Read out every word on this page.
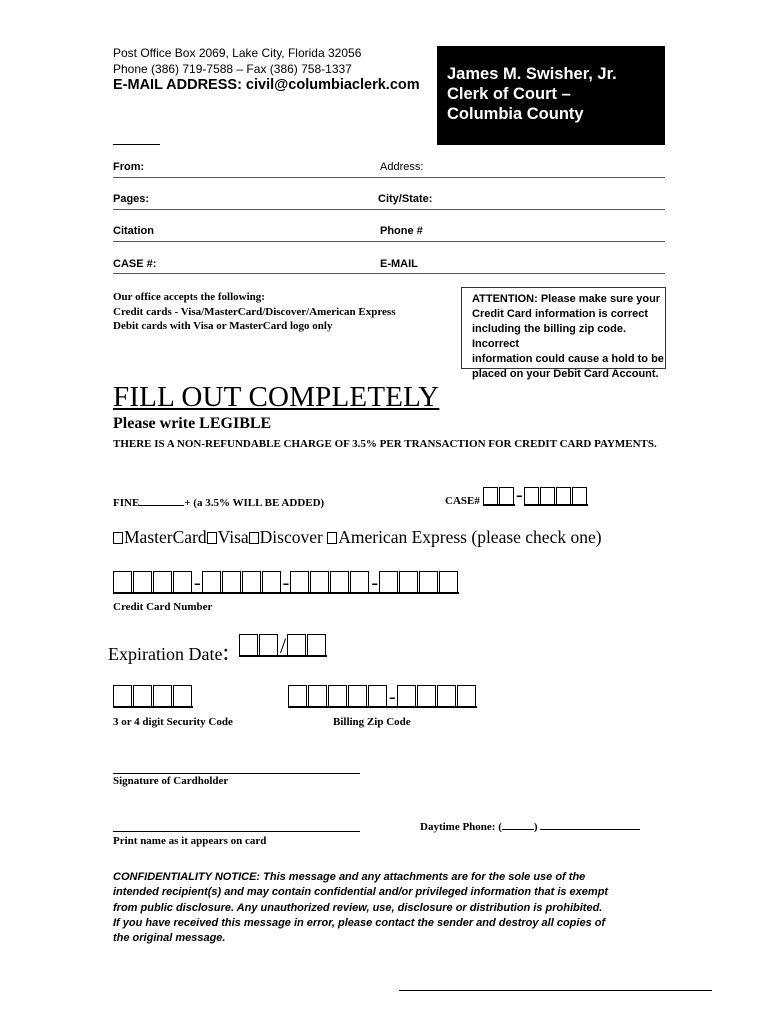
Post Office Box 2069, Lake City, Florida 32056
Phone (386) 719-7588 – Fax (386) 758-1337
E-MAIL ADDRESS: civil@columbiaclerk.com
James M. Swisher, Jr.
Clerk of Court –
Columbia County
From:	Address:
Pages:	City/State:
Citation	Phone #
CASE #:	E-MAIL
Our office accepts the following:
Credit cards - Visa/MasterCard/Discover/American Express
Debit cards with Visa or MasterCard logo only
ATTENTION: Please make sure your
Credit Card information is correct
including the billing zip code. Incorrect
information could cause a hold to be
placed on your Debit Card Account.
FILL OUT COMPLETELY
Please write LEGIBLE
THERE IS A NON-REFUNDABLE CHARGE OF 3.5% PER TRANSACTION FOR CREDIT CARD PAYMENTS.
FINE	+ (a 3.5% WILL BE ADDED)	CASE#	-
MasterCard Visa Discover American Express (please check one)
-	-	-
Credit Card Number
Expiration Date:	/
-
3 or 4 digit Security Code	Billing Zip Code
Signature of Cardholder
Daytime Phone: (	)
Print name as it appears on card
CONFIDENTIALITY NOTICE: This message and any attachments are for the sole use of the
intended recipient(s) and may contain confidential and/or privileged information that is exempt
from public disclosure. Any unauthorized review, use, disclosure or distribution is prohibited.
If you have received this message in error, please contact the sender and destroy all copies of
the original message.
